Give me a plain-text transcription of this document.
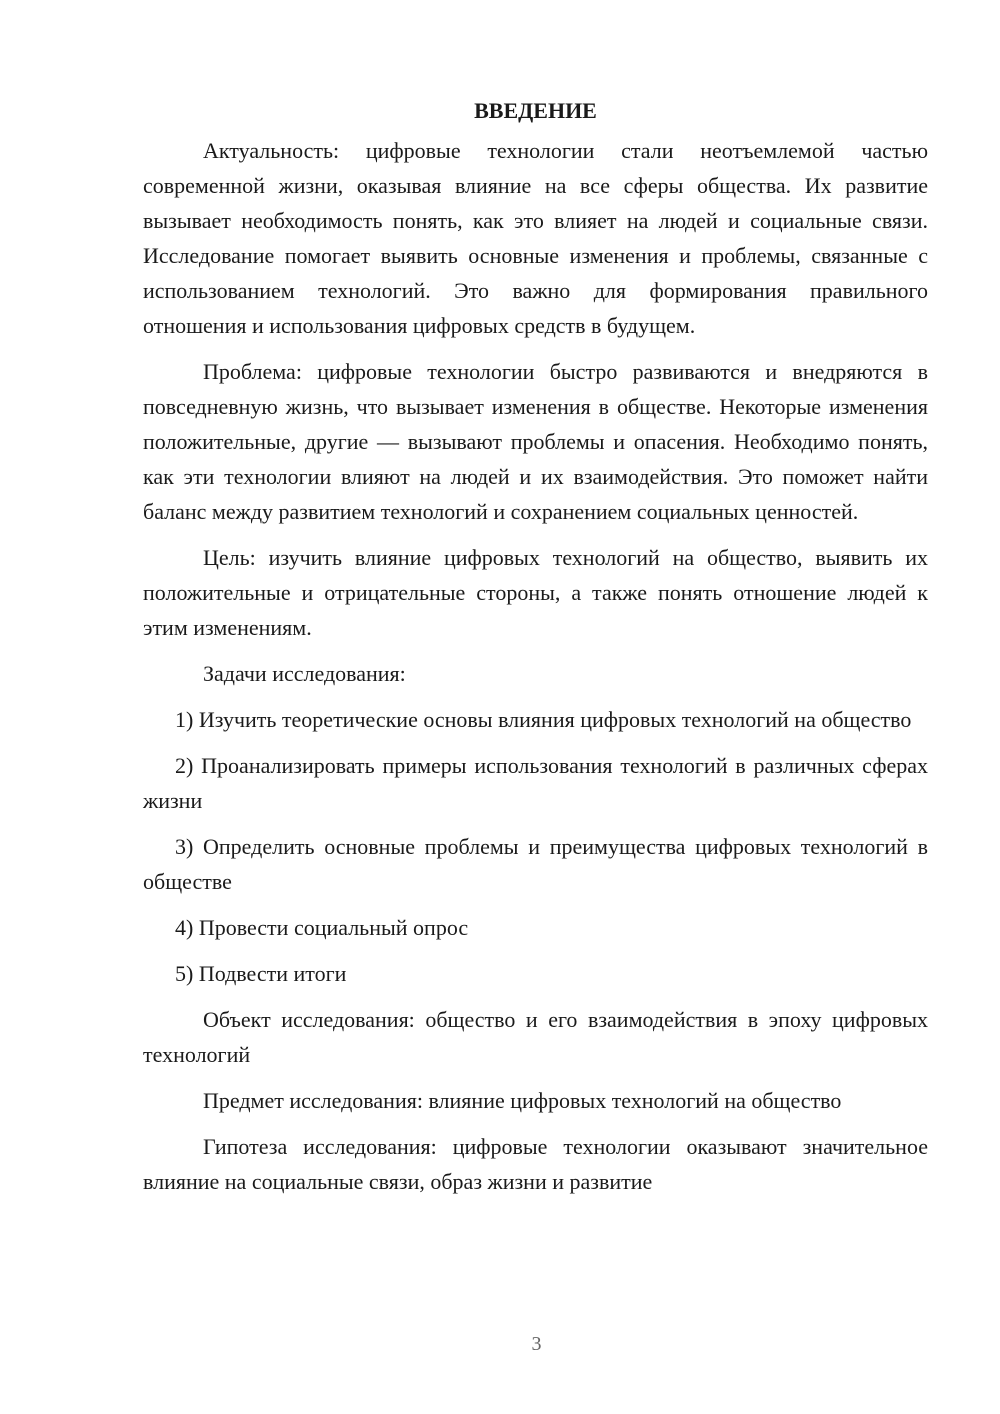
ВВЕДЕНИЕ

Актуальность: цифровые технологии стали неотъемлемой частью современной жизни, оказывая влияние на все сферы общества. Их развитие вызывает необходимость понять, как это влияет на людей и социальные связи. Исследование помогает выявить основные изменения и проблемы, связанные с использованием технологий. Это важно для формирования правильного отношения и использования цифровых средств в будущем.

Проблема: цифровые технологии быстро развиваются и внедряются в повседневную жизнь, что вызывает изменения в обществе. Некоторые изменения положительные, другие — вызывают проблемы и опасения. Необходимо понять, как эти технологии влияют на людей и их взаимодействия. Это поможет найти баланс между развитием технологий и сохранением социальных ценностей.

Цель: изучить влияние цифровых технологий на общество, выявить их положительные и отрицательные стороны, а также понять отношение людей к этим изменениям.

Задачи исследования:

1) Изучить теоретические основы влияния цифровых технологий на общество

2) Проанализировать примеры использования технологий в различных сферах жизни

3) Определить основные проблемы и преимущества цифровых технологий в обществе

4) Провести социальный опрос

5) Подвести итоги

Объект исследования: общество и его взаимодействия в эпоху цифровых технологий

Предмет исследования: влияние цифровых технологий на общество

Гипотеза исследования: цифровые технологии оказывают значительное влияние на социальные связи, образ жизни и развитие

3
